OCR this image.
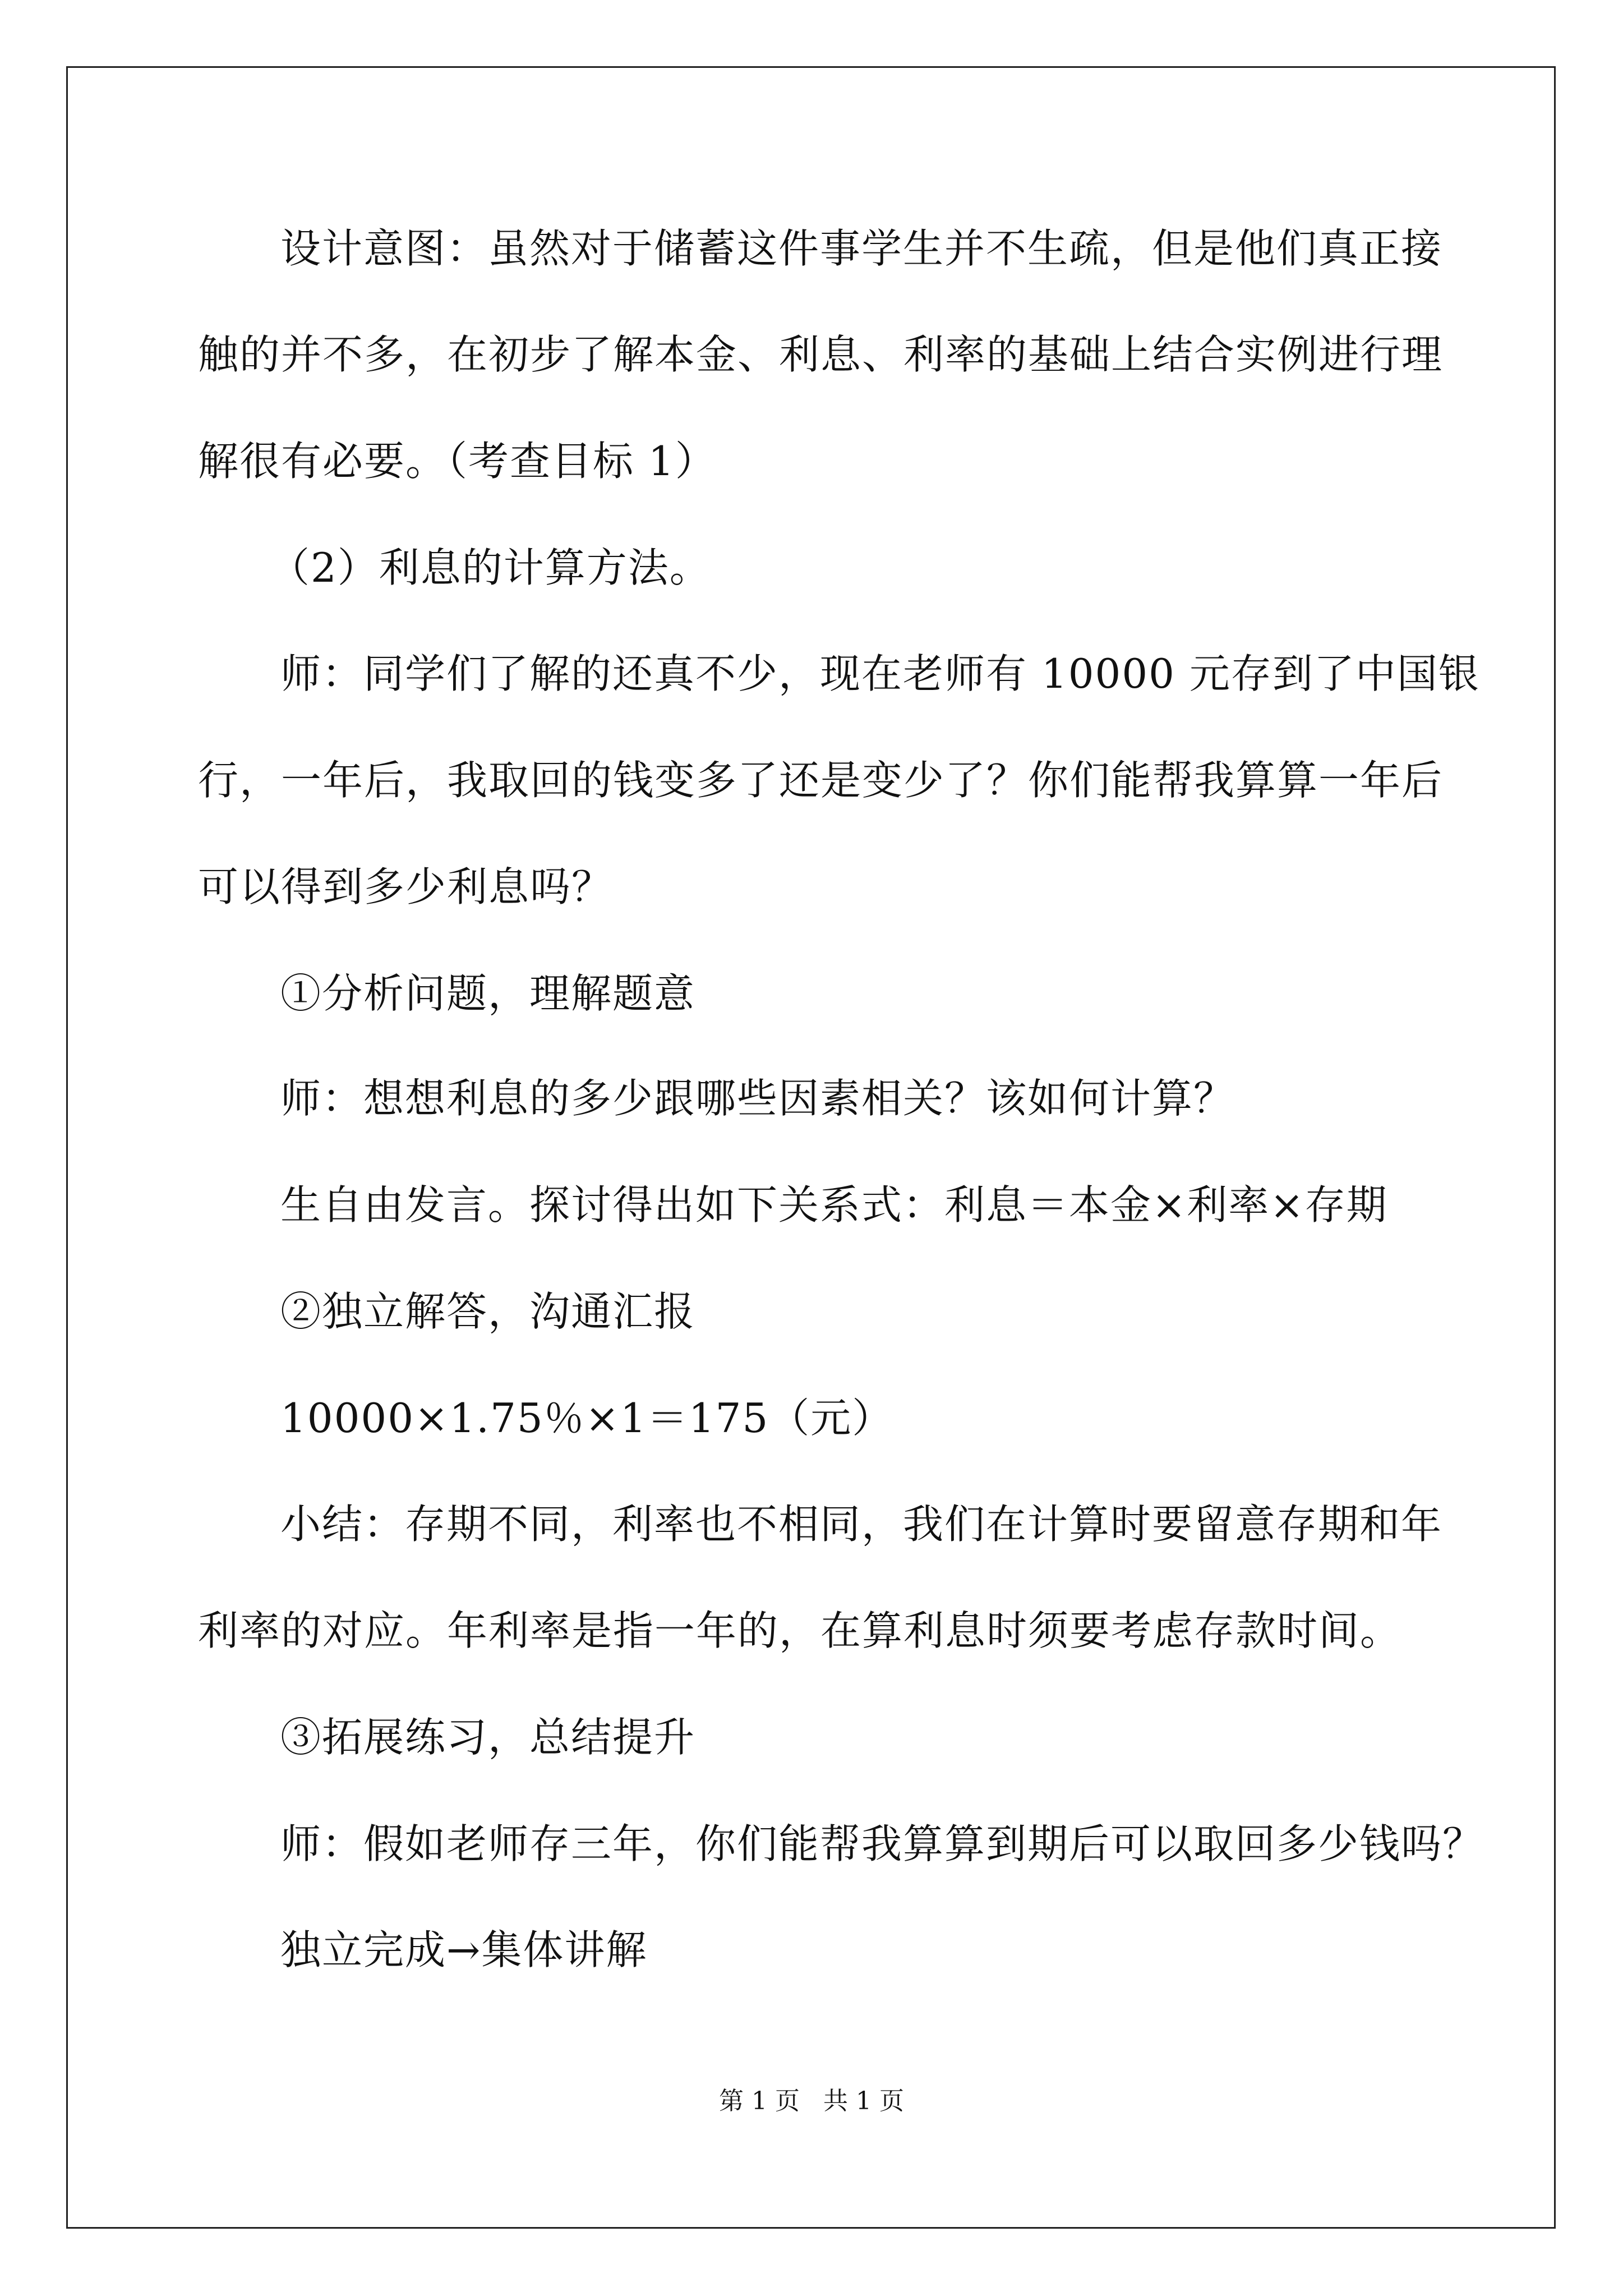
设计意图：虽然对于储蓄这件事学生并不生疏，但是他们真正接
触的并不多，在初步了解本金、利息、利率的基础上结合实例进行理
解很有必要。（考查目标 1）
（2）利息的计算方法。
师：同学们了解的还真不少，现在老师有 10000 元存到了中国银
行，一年后，我取回的钱变多了还是变少了？你们能帮我算算一年后
可以得到多少利息吗？
①分析问题，理解题意
师：想想利息的多少跟哪些因素相关？该如何计算？
生自由发言。探讨得出如下关系式：利息＝本金×利率×存期
②独立解答，沟通汇报
10000×1.75％×1＝175（元）
小结：存期不同，利率也不相同，我们在计算时要留意存期和年
利率的对应。年利率是指一年的，在算利息时须要考虑存款时间。
③拓展练习，总结提升
师：假如老师存三年，你们能帮我算算到期后可以取回多少钱吗？
独立完成→集体讲解
第 1 页   共 1 页
